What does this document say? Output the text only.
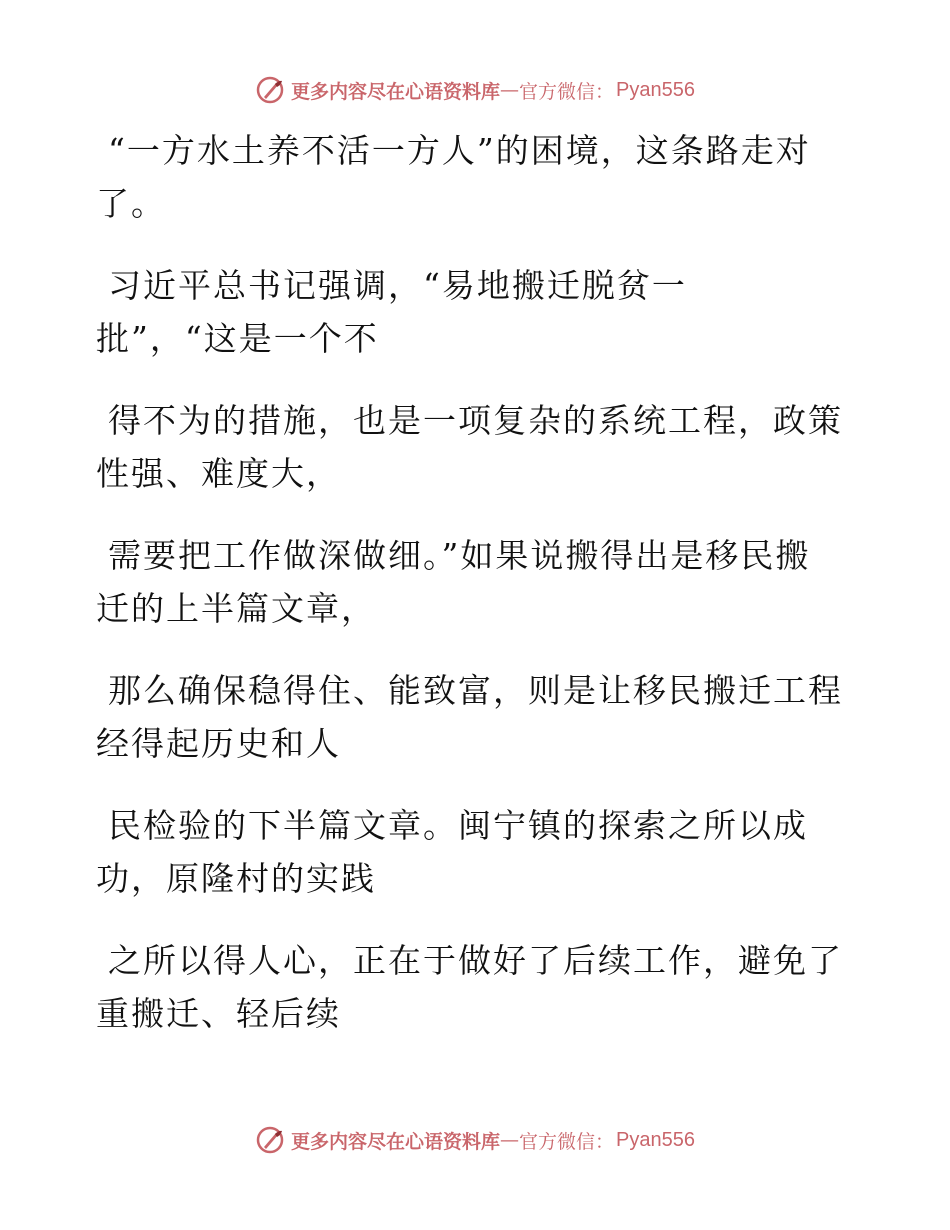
更多内容尽在心语资料库 — 官方微信： Pyan556

“一方水土养不活一方人”的困境，这条路走对
了。

习近平总书记强调，“易地搬迁脱贫一
批”，“这是一个不

得不为的措施，也是一项复杂的系统工程，政策
性强、难度大，

需要把工作做深做细。”如果说搬得出是移民搬
迁的上半篇文章，

那么确保稳得住、能致富，则是让移民搬迁工程
经得起历史和人

民检验的下半篇文章。闽宁镇的探索之所以成
功，原隆村的实践

之所以得人心，正在于做好了后续工作，避免了
重搬迁、轻后续

更多内容尽在心语资料库 — 官方微信： Pyan556
